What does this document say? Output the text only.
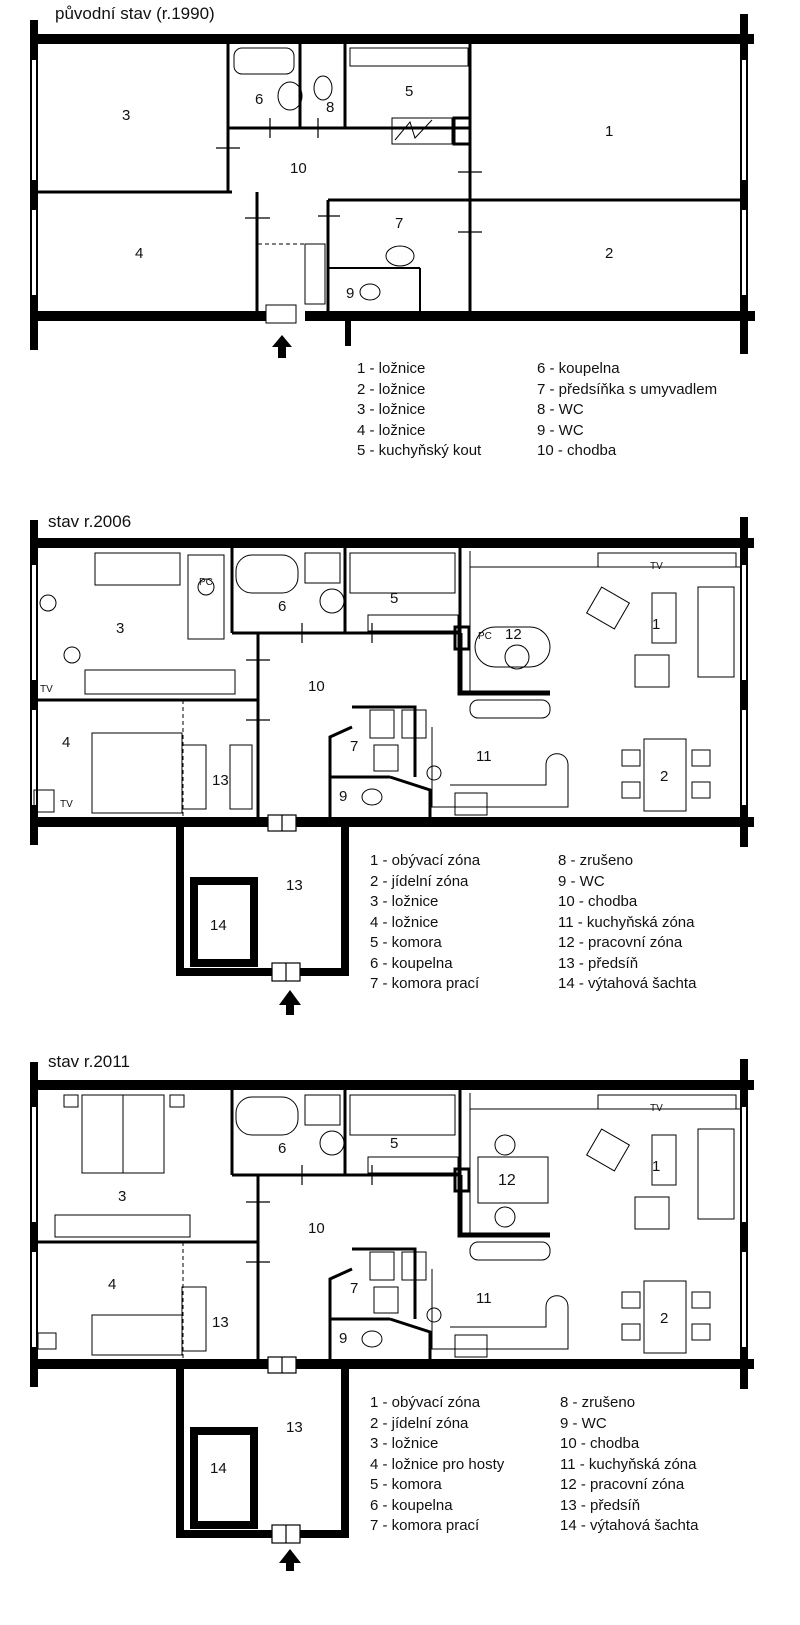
původní stav (r.1990)
1
2
3
4
5
6
7
8
9
10
1 - ložnice
2 - ložnice
3 - ložnice
4 - ložnice
5 - kuchyňský kout
6 - koupelna
7 - předsíňka s umyvadlem
8 - WC
9 - WC
10 - chodba
stav r.2006
PC
TV
TV
TV
PC
1
2
3
4
5
6
7
9
10
11
12
13
13
14
1 - obývací zóna
2 - jídelní zóna
3 - ložnice
4 - ložnice
5 - komora
6 - koupelna
7 - komora prací
8 - zrušeno
9 - WC
10 - chodba
11 - kuchyňská zóna
12 - pracovní zóna
13 - předsíň
14 - výtahová šachta
stav r.2011
TV
1
2
3
4
5
6
7
9
10
11
12
13
13
14
1 - obývací zóna
2 - jídelní zóna
3 - ložnice
4 - ložnice pro hosty
5 - komora
6 - koupelna
7 - komora prací
8 - zrušeno
9 - WC
10 - chodba
11 - kuchyňská zóna
12 - pracovní zóna
13 - předsíň
14 - výtahová šachta
